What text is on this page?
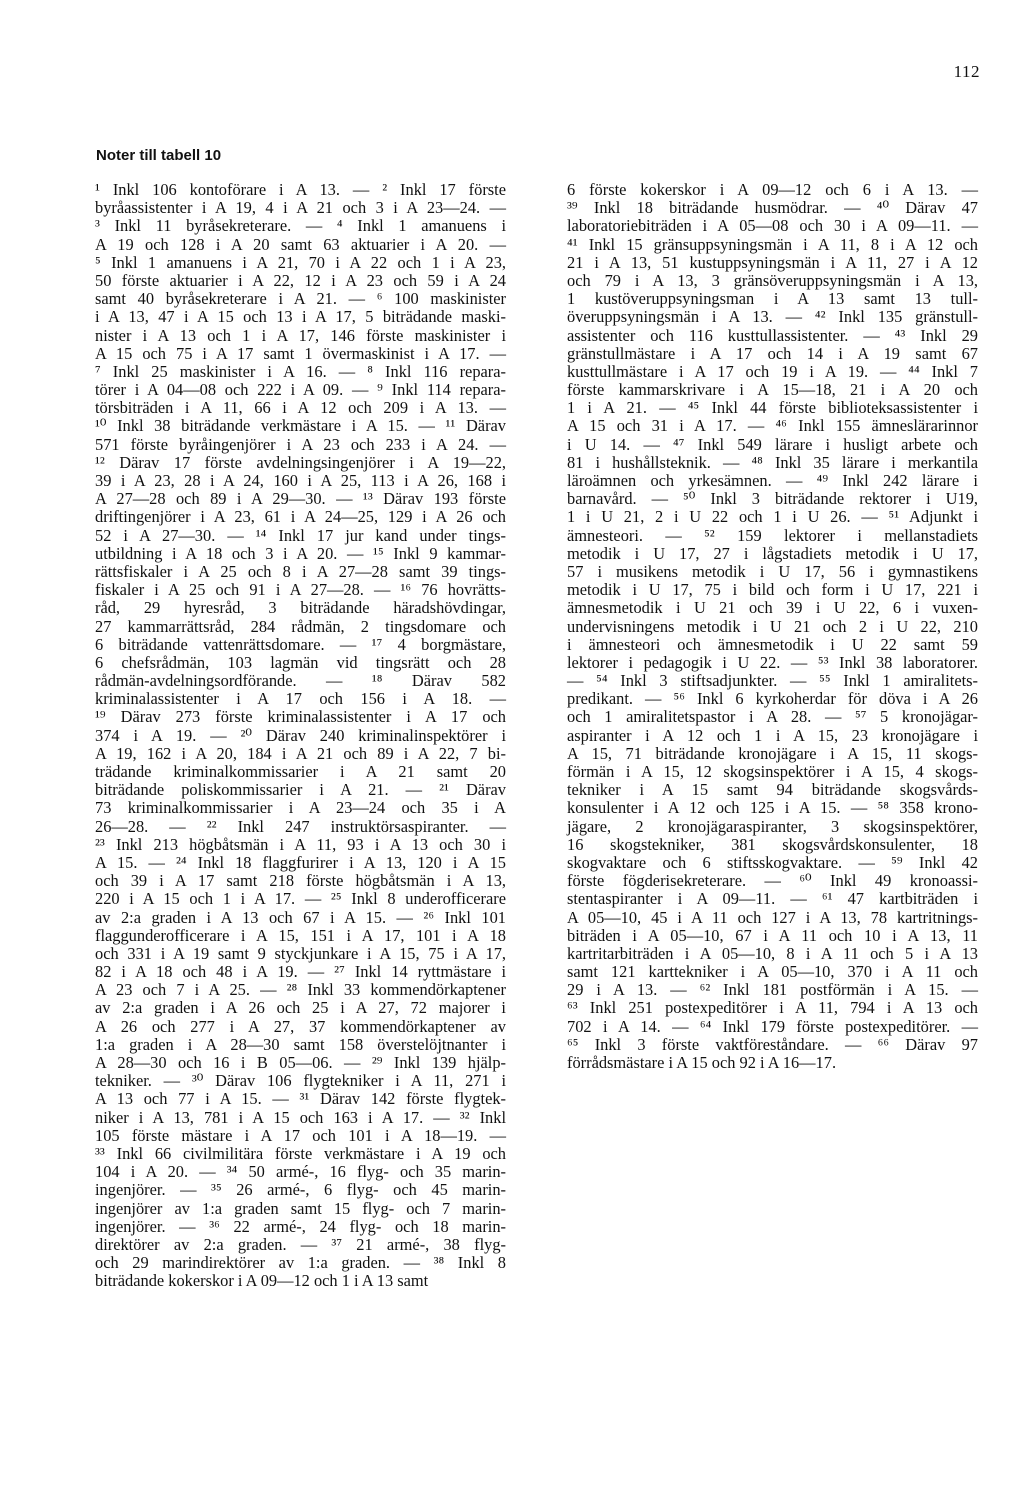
112
Noter till tabell 10
¹ Inkl 106 kontoförare i A 13. — ² Inkl 17 förste
byråassistenter i A 19, 4 i A 21 och 3 i A 23—24. —
³ Inkl 11 byråsekreterare. — ⁴ Inkl 1 amanuens i
A 19 och 128 i A 20 samt 63 aktuarier i A 20. —
⁵ Inkl 1 amanuens i A 21, 70 i A 22 och 1 i A 23,
50 förste aktuarier i A 22, 12 i A 23 och 59 i A 24
samt 40 byråsekreterare i A 21. — ⁶ 100 maskinister
i A 13, 47 i A 15 och 13 i A 17, 5 biträdande maski-
nister i A 13 och 1 i A 17, 146 förste maskinister i
A 15 och 75 i A 17 samt 1 övermaskinist i A 17. —
⁷ Inkl 25 maskinister i A 16. — ⁸ Inkl 116 repara-
törer i A 04—08 och 222 i A 09. — ⁹ Inkl 114 repara-
törsbiträden i A 11, 66 i A 12 och 209 i A 13. —
¹⁰ Inkl 38 biträdande verkmästare i A 15. — ¹¹ Därav
571 förste byråingenjörer i A 23 och 233 i A 24. —
¹² Därav 17 förste avdelningsingenjörer i A 19—22,
39 i A 23, 28 i A 24, 160 i A 25, 113 i A 26, 168 i
A 27—28 och 89 i A 29—30. — ¹³ Därav 193 förste
driftingenjörer i A 23, 61 i A 24—25, 129 i A 26 och
52 i A 27—30. — ¹⁴ Inkl 17 jur kand under tings-
utbildning i A 18 och 3 i A 20. — ¹⁵ Inkl 9 kammar-
rättsfiskaler i A 25 och 8 i A 27—28 samt 39 tings-
fiskaler i A 25 och 91 i A 27—28. — ¹⁶ 76 hovrätts-
råd, 29 hyresråd, 3 biträdande häradshövdingar,
27 kammarrättsråd, 284 rådmän, 2 tingsdomare och
6 biträdande vattenrättsdomare. — ¹⁷ 4 borgmästare,
6 chefsrådmän, 103 lagmän vid tingsrätt och 28
rådmän-avdelningsordförande. — ¹⁸ Därav 582
kriminalassistenter i A 17 och 156 i A 18. —
¹⁹ Därav 273 förste kriminalassistenter i A 17 och
374 i A 19. — ²⁰ Därav 240 kriminalinspektörer i
A 19, 162 i A 20, 184 i A 21 och 89 i A 22, 7 bi-
trädande kriminalkommissarier i A 21 samt 20
biträdande poliskommissarier i A 21. — ²¹ Därav
73 kriminalkommissarier i A 23—24 och 35 i A
26—28. — ²² Inkl 247 instruktörsaspiranter. —
²³ Inkl 213 högbåtsmän i A 11, 93 i A 13 och 30 i
A 15. — ²⁴ Inkl 18 flaggfurirer i A 13, 120 i A 15
och 39 i A 17 samt 218 förste högbåtsmän i A 13,
220 i A 15 och 1 i A 17. — ²⁵ Inkl 8 underofficerare
av 2:a graden i A 13 och 67 i A 15. — ²⁶ Inkl 101
flaggunderofficerare i A 15, 151 i A 17, 101 i A 18
och 331 i A 19 samt 9 styckjunkare i A 15, 75 i A 17,
82 i A 18 och 48 i A 19. — ²⁷ Inkl 14 ryttmästare i
A 23 och 7 i A 25. — ²⁸ Inkl 33 kommendörkaptener
av 2:a graden i A 26 och 25 i A 27, 72 majorer i
A 26 och 277 i A 27, 37 kommendörkaptener av
1:a graden i A 28—30 samt 158 överstelöjtnanter i
A 28—30 och 16 i B 05—06. — ²⁹ Inkl 139 hjälp-
tekniker. — ³⁰ Därav 106 flygtekniker i A 11, 271 i
A 13 och 77 i A 15. — ³¹ Därav 142 förste flygtek-
niker i A 13, 781 i A 15 och 163 i A 17. — ³² Inkl
105 förste mästare i A 17 och 101 i A 18—19. —
³³ Inkl 66 civilmilitära förste verkmästare i A 19 och
104 i A 20. — ³⁴ 50 armé-, 16 flyg- och 35 marin-
ingenjörer. — ³⁵ 26 armé-, 6 flyg- och 45 marin-
ingenjörer av 1:a graden samt 15 flyg- och 7 marin-
ingenjörer. — ³⁶ 22 armé-, 24 flyg- och 18 marin-
direktörer av 2:a graden. — ³⁷ 21 armé-, 38 flyg-
och 29 marindirektörer av 1:a graden. — ³⁸ Inkl 8
biträdande kokerskor i A 09—12 och 1 i A 13 samt
6 förste kokerskor i A 09—12 och 6 i A 13. —
³⁹ Inkl 18 biträdande husmödrar. — ⁴⁰ Därav 47
laboratoriebiträden i A 05—08 och 30 i A 09—11. —
⁴¹ Inkl 15 gränsuppsyningsmän i A 11, 8 i A 12 och
21 i A 13, 51 kustuppsyningsmän i A 11, 27 i A 12
och 79 i A 13, 3 gränsöveruppsyningsmän i A 13,
1 kustöveruppsyningsman i A 13 samt 13 tull-
överuppsyningsmän i A 13. — ⁴² Inkl 135 gränstull-
assistenter och 116 kusttullassistenter. — ⁴³ Inkl 29
gränstullmästare i A 17 och 14 i A 19 samt 67
kusttullmästare i A 17 och 19 i A 19. — ⁴⁴ Inkl 7
förste kammarskrivare i A 15—18, 21 i A 20 och
1 i A 21. — ⁴⁵ Inkl 44 förste biblioteksassistenter i
A 15 och 31 i A 17. — ⁴⁶ Inkl 155 ämneslärarinnor
i U 14. — ⁴⁷ Inkl 549 lärare i husligt arbete och
81 i hushållsteknik. — ⁴⁸ Inkl 35 lärare i merkantila
läroämnen och yrkesämnen. — ⁴⁹ Inkl 242 lärare i
barnavård. — ⁵⁰ Inkl 3 biträdande rektorer i U19,
1 i U 21, 2 i U 22 och 1 i U 26. — ⁵¹ Adjunkt i
ämnesteori. — ⁵² 159 lektorer i mellanstadiets
metodik i U 17, 27 i lågstadiets metodik i U 17,
57 i musikens metodik i U 17, 56 i gymnastikens
metodik i U 17, 75 i bild och form i U 17, 221 i
ämnesmetodik i U 21 och 39 i U 22, 6 i vuxen-
undervisningens metodik i U 21 och 2 i U 22, 210
i ämnesteori och ämnesmetodik i U 22 samt 59
lektorer i pedagogik i U 22. — ⁵³ Inkl 38 laboratorer.
— ⁵⁴ Inkl 3 stiftsadjunkter. — ⁵⁵ Inkl 1 amiralitets-
predikant. — ⁵⁶ Inkl 6 kyrkoherdar för döva i A 26
och 1 amiralitetspastor i A 28. — ⁵⁷ 5 kronojägar-
aspiranter i A 12 och 1 i A 15, 23 kronojägare i
A 15, 71 biträdande kronojägare i A 15, 11 skogs-
förmän i A 15, 12 skogsinspektörer i A 15, 4 skogs-
tekniker i A 15 samt 94 biträdande skogsvårds-
konsulenter i A 12 och 125 i A 15. — ⁵⁸ 358 krono-
jägare, 2 kronojägaraspiranter, 3 skogsinspektörer,
16 skogstekniker, 381 skogsvårdskonsulenter, 18
skogvaktare och 6 stiftsskogvaktare. — ⁵⁹ Inkl 42
förste fögderisekreterare. — ⁶⁰ Inkl 49 kronoassi-
stentaspiranter i A 09—11. — ⁶¹ 47 kartbiträden i
A 05—10, 45 i A 11 och 127 i A 13, 78 kartritnings-
biträden i A 05—10, 67 i A 11 och 10 i A 13, 11
kartritarbiträden i A 05—10, 8 i A 11 och 5 i A 13
samt 121 karttekniker i A 05—10, 370 i A 11 och
29 i A 13. — ⁶² Inkl 181 postförmän i A 15. —
⁶³ Inkl 251 postexpeditörer i A 11, 794 i A 13 och
702 i A 14. — ⁶⁴ Inkl 179 förste postexpeditörer. —
⁶⁵ Inkl 3 förste vaktföreståndare. — ⁶⁶ Därav 97
förrådsmästare i A 15 och 92 i A 16—17.
